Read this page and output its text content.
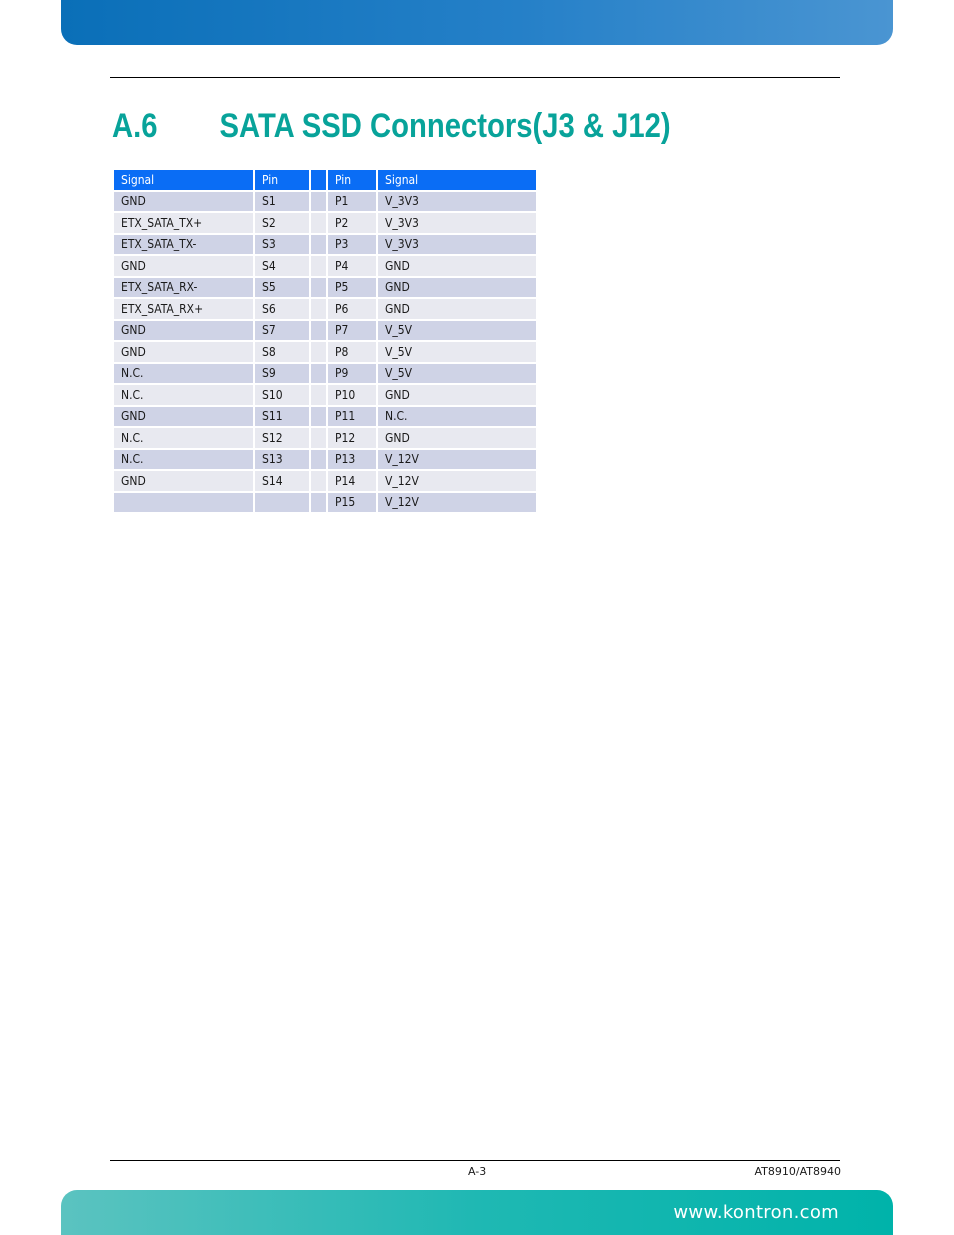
A.6 SATA SSD Connectors(J3 & J12)
Signal	Pin		Pin	Signal
GND	S1		P1	V_3V3
ETX_SATA_TX+	S2		P2	V_3V3
ETX_SATA_TX-	S3		P3	V_3V3
GND	S4		P4	GND
ETX_SATA_RX-	S5		P5	GND
ETX_SATA_RX+	S6		P6	GND
GND	S7		P7	V_5V
GND	S8		P8	V_5V
N.C.	S9		P9	V_5V
N.C.	S10		P10	GND
GND	S11		P11	N.C.
N.C.	S12		P12	GND
N.C.	S13		P13	V_12V
GND	S14		P14	V_12V
			P15	V_12V
A-3	AT8910/AT8940
www.kontron.com
